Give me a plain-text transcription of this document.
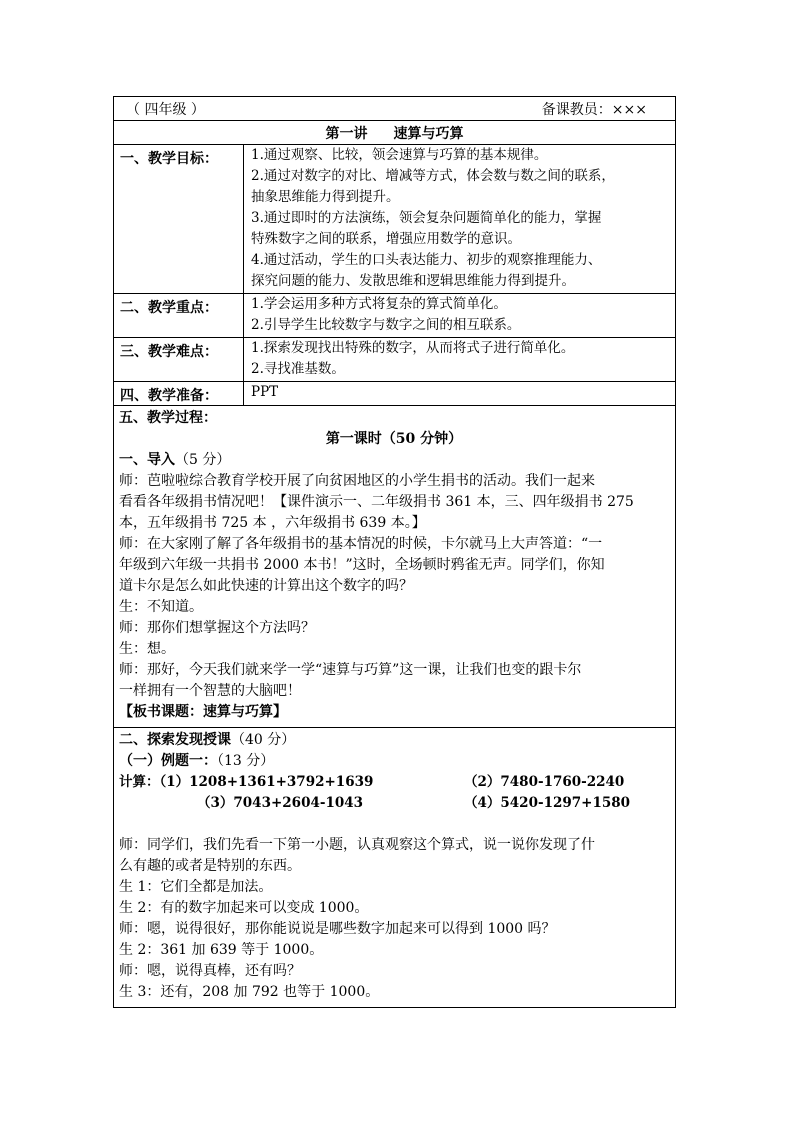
（ 四年级 ）	备课教员：×××
第一讲 速算与巧算
一、教学目标：	1.通过观察、比较，领会速算与巧算的基本规律。
2.通过对数字的对比、增减等方式，体会数与数之间的联系，
抽象思维能力得到提升。
3.通过即时的方法演练，领会复杂问题简单化的能力，掌握
特殊数字之间的联系，增强应用数学的意识。
4.通过活动，学生的口头表达能力、初步的观察推理能力、
探究问题的能力、发散思维和逻辑思维能力得到提升。
二、教学重点：	1.学会运用多种方式将复杂的算式简单化。
2.引导学生比较数字与数字之间的相互联系。
三、教学难点：	1.探索发现找出特殊的数字，从而将式子进行简单化。
2.寻找准基数。
四、教学准备：	PPT
五、教学过程：
第一课时（50 分钟）
一、导入（5 分）
师：芭啦啦综合教育学校开展了向贫困地区的小学生捐书的活动。我们一起来
看看各年级捐书情况吧！【课件演示一、二年级捐书 361 本，三、四年级捐书 275
本，五年级捐书 725 本 ，六年级捐书 639 本。】
师：在大家刚了解了各年级捐书的基本情况的时候，卡尔就马上大声答道：“一
年级到六年级一共捐书 2000 本书！”这时，全场顿时鸦雀无声。同学们，你知
道卡尔是怎么如此快速的计算出这个数字的吗？
生：不知道。
师：那你们想掌握这个方法吗？
生：想。
师：那好，今天我们就来学一学“速算与巧算”这一课，让我们也变的跟卡尔
一样拥有一个智慧的大脑吧！
【板书课题：速算与巧算】
二、探索发现授课（40 分）
（一）例题一：（13 分）
计算：（1）1208+1361+3792+1639	（2）7480-1760-2240
（3）7043+2604-1043	（4）5420-1297+1580
师：同学们，我们先看一下第一小题，认真观察这个算式，说一说你发现了什
么有趣的或者是特别的东西。
生 1：它们全都是加法。
生 2：有的数字加起来可以变成 1000。
师：嗯，说得很好，那你能说说是哪些数字加起来可以得到 1000 吗？
生 2：361 加 639 等于 1000。
师：嗯，说得真棒，还有吗？
生 3：还有，208 加 792 也等于 1000。
